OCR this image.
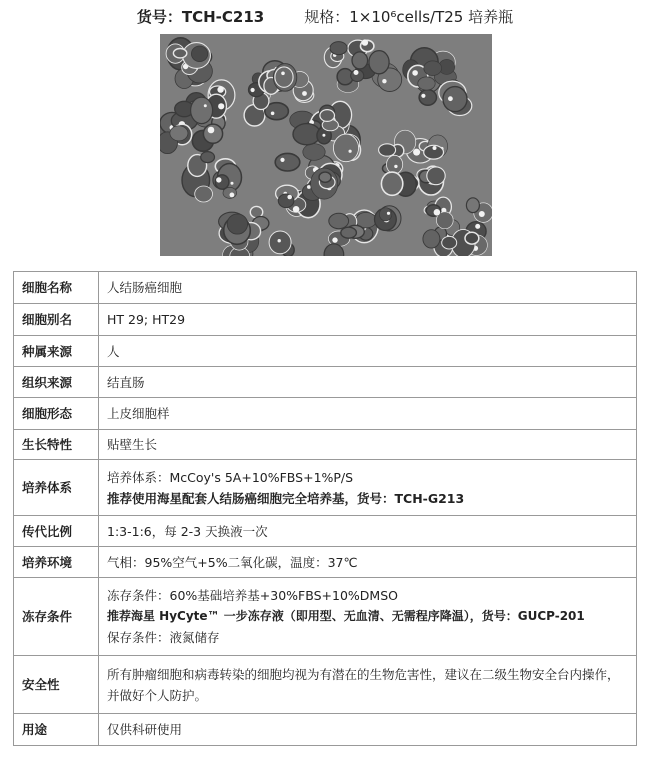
货号：TCH-C213	规格：1×10⁶cells/T25 培养瓶
细胞名称	人结肠癌细胞

细胞别名	HT 29; HT29

种属来源	人

组织来源	结直肠

细胞形态	上皮细胞样

生长特性	贴壁生长

培养体系	培养体系：McCoy's 5A+10%FBS+1%P/S
推荐使用海星配套人结肠癌细胞完全培养基，货号：TCH-G213

传代比例	1:3-1:6，每 2-3 天换液一次

培养环境	气相：95%空气+5%二氧化碳，温度：37℃

冻存条件	冻存条件：60%基础培养基+30%FBS+10%DMSO
推荐海星 HyCyte™ 一步冻存液（即用型、无血清、无需程序降温），货号：GUCP-201
保存条件：液氮储存

安全性	所有肿瘤细胞和病毒转染的细胞均视为有潜在的生物危害性，建议在二级生物安全台内操作，并做好个人防护。

用途	仅供科研使用
